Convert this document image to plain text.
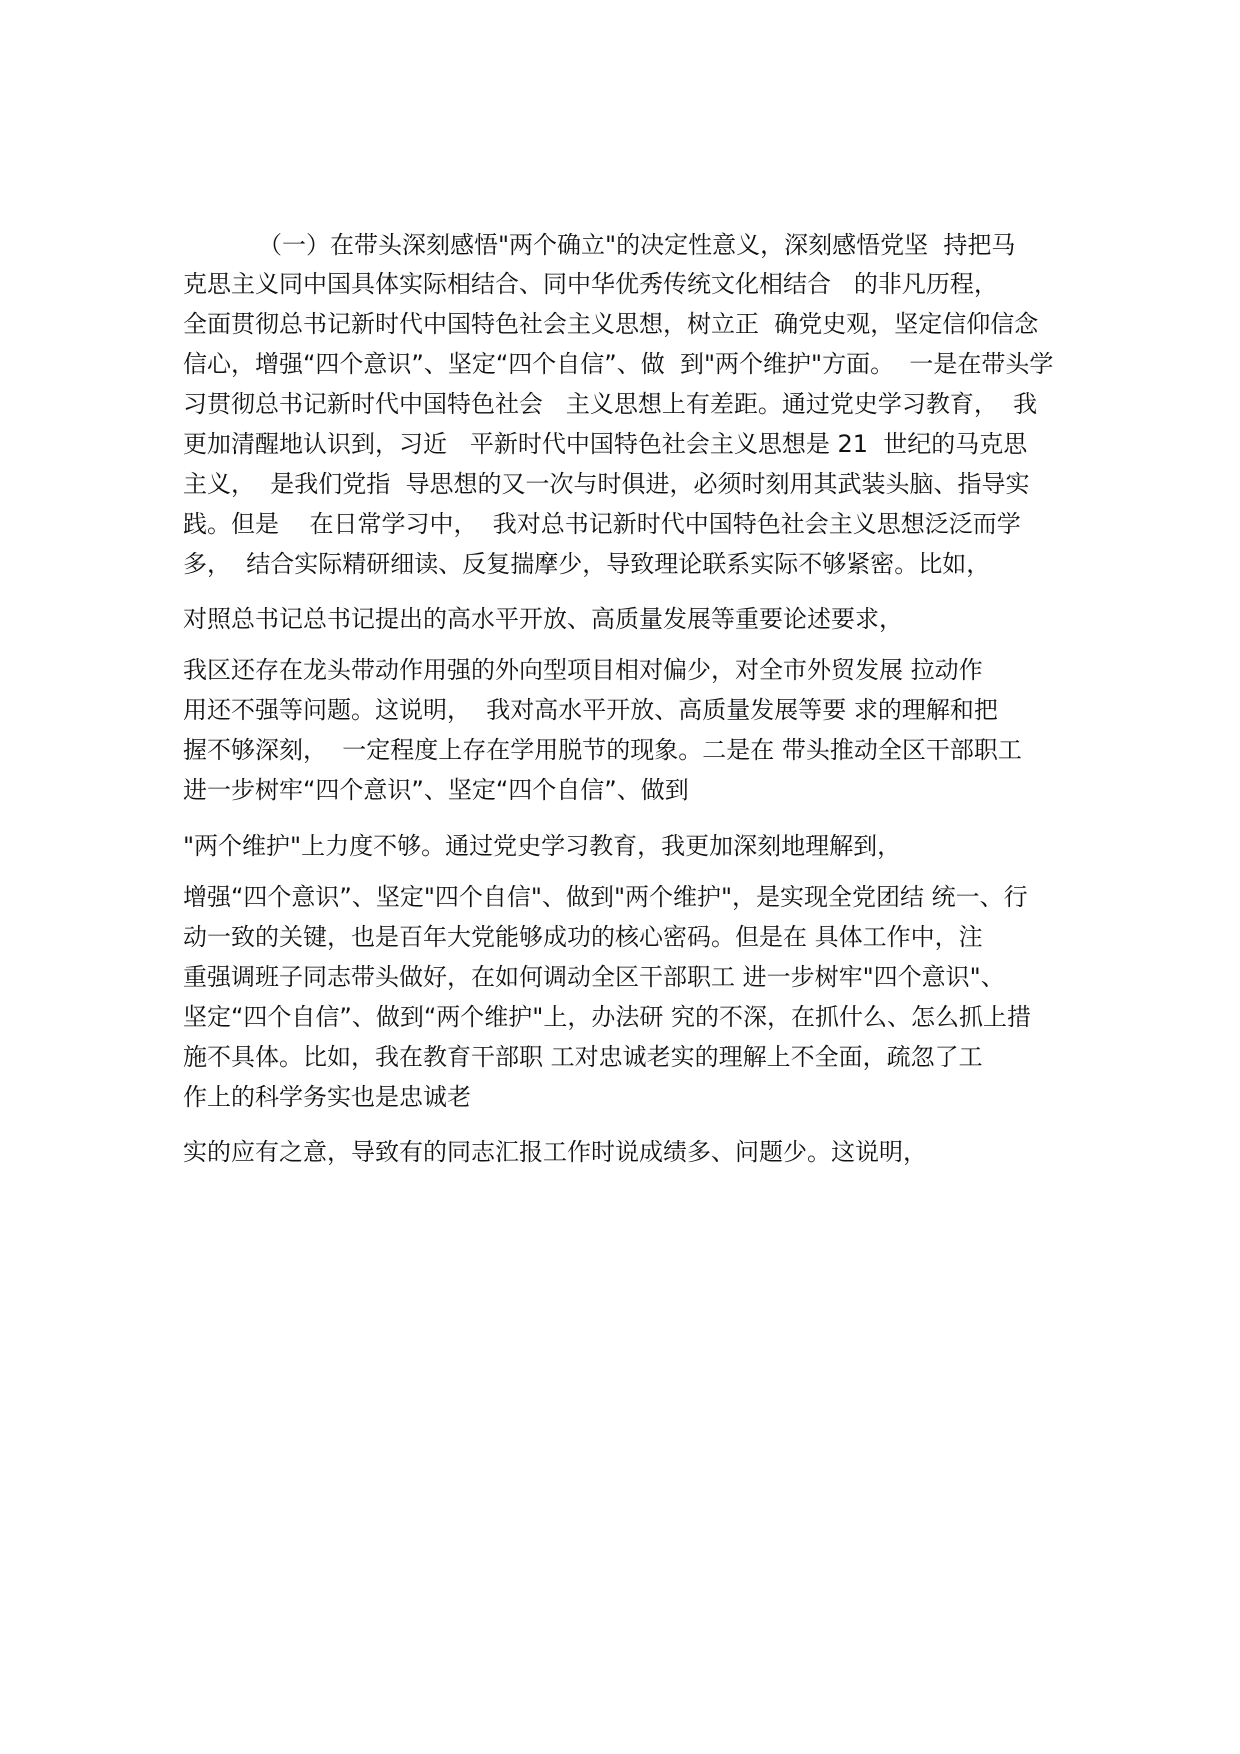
（一）在带头深刻感悟"两个确立"的决定性意义，深刻感悟党坚  持把马
克思主义同中国具体实际相结合、同中华优秀传统文化相结合   的非凡历程，
全面贯彻总书记新时代中国特色社会主义思想，树立正  确党史观，坚定信仰信念
信心，增强“四个意识”、坚定“四个自信”、做  到"两个维护"方面。  一是在带头学
习贯彻总书记新时代中国特色社会   主义思想上有差距。通过党史学习教育，  我
更加清醒地认识到，习近   平新时代中国特色社会主义思想是 21  世纪的马克思
主义，  是我们党指  导思想的又一次与时俱进，必须时刻用其武装头脑、指导实
践。但是    在日常学习中，  我对总书记新时代中国特色社会主义思想泛泛而学
多，  结合实际精研细读、反复揣摩少，导致理论联系实际不够紧密。比如，
对照总书记总书记提出的高水平开放、高质量发展等重要论述要求，
我区还存在龙头带动作用强的外向型项目相对偏少，对全市外贸发展 拉动作
用还不强等问题。这说明，  我对高水平开放、高质量发展等要 求的理解和把
握不够深刻，  一定程度上存在学用脱节的现象。二是在 带头推动全区干部职工
进一步树牢“四个意识”、坚定“四个自信”、做到
"两个维护"上力度不够。通过党史学习教育，我更加深刻地理解到，
增强“四个意识”、坚定"四个自信"、做到"两个维护"，是实现全党团结 统一、行
动一致的关键，也是百年大党能够成功的核心密码。但是在 具体工作中，注
重强调班子同志带头做好，在如何调动全区干部职工 进一步树牢"四个意识"、
坚定“四个自信”、做到“两个维护"上，办法研 究的不深，在抓什么、怎么抓上措
施不具体。比如，我在教育干部职 工对忠诚老实的理解上不全面，疏忽了工
作上的科学务实也是忠诚老
实的应有之意，导致有的同志汇报工作时说成绩多、问题少。这说明，
